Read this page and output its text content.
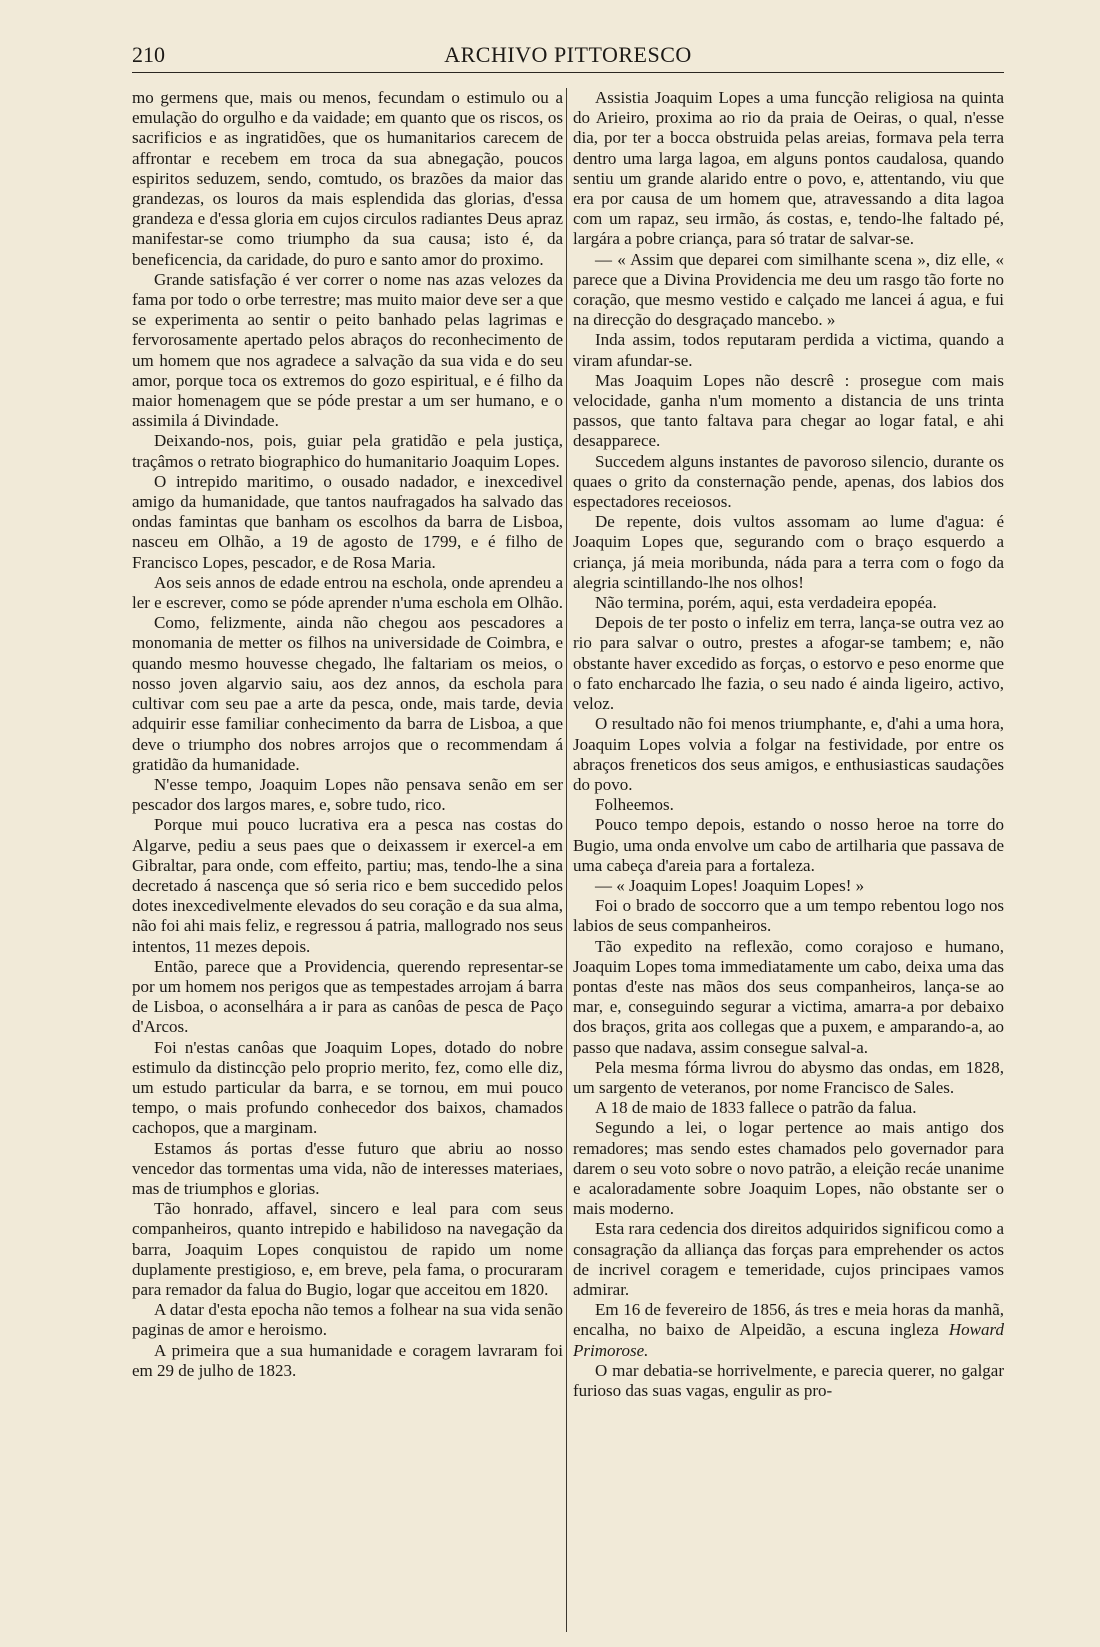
210	ARCHIVO PITTORESCO

mo germens que, mais ou menos, fecundam o estimulo ou a emulação do orgulho e da vaidade; em quanto que os riscos, os sacrificios e as ingratidões, que os humanitarios carecem de affrontar e recebem em troca da sua abnegação, poucos espiritos seduzem, sendo, comtudo, os brazões da maior das grandezas, os louros da mais esplendida das glorias, d'essa grandeza e d'essa gloria em cujos circulos radiantes Deus apraz manifestar-se como triumpho da sua causa; isto é, da beneficencia, da caridade, do puro e santo amor do proximo.

Grande satisfação é ver correr o nome nas azas velozes da fama por todo o orbe terrestre; mas muito maior deve ser a que se experimenta ao sentir o peito banhado pelas lagrimas e fervorosamente apertado pelos abraços do reconhecimento de um homem que nos agradece a salvação da sua vida e do seu amor, porque toca os extremos do gozo espiritual, e é filho da maior homenagem que se póde prestar a um ser humano, e o assimila á Divindade.

Deixando-nos, pois, guiar pela gratidão e pela justiça, traçâmos o retrato biographico do humanitario Joaquim Lopes.

O intrepido maritimo, o ousado nadador, e inexcedivel amigo da humanidade, que tantos naufragados ha salvado das ondas famintas que banham os escolhos da barra de Lisboa, nasceu em Olhão, a 19 de agosto de 1799, e é filho de Francisco Lopes, pescador, e de Rosa Maria.

Aos seis annos de edade entrou na eschola, onde aprendeu a ler e escrever, como se póde aprender n'uma eschola em Olhão.

Como, felizmente, ainda não chegou aos pescadores a monomania de metter os filhos na universidade de Coimbra, e quando mesmo houvesse chegado, lhe faltariam os meios, o nosso joven algarvio saiu, aos dez annos, da eschola para cultivar com seu pae a arte da pesca, onde, mais tarde, devia adquirir esse familiar conhecimento da barra de Lisboa, a que deve o triumpho dos nobres arrojos que o recommendam á gratidão da humanidade.

N'esse tempo, Joaquim Lopes não pensava senão em ser pescador dos largos mares, e, sobre tudo, rico.

Porque mui pouco lucrativa era a pesca nas costas do Algarve, pediu a seus paes que o deixassem ir exercel-a em Gibraltar, para onde, com effeito, partiu; mas, tendo-lhe a sina decretado á nascença que só seria rico e bem succedido pelos dotes inexcedivelmente elevados do seu coração e da sua alma, não foi ahi mais feliz, e regressou á patria, mallogrado nos seus intentos, 11 mezes depois.

Então, parece que a Providencia, querendo representar-se por um homem nos perigos que as tempestades arrojam á barra de Lisboa, o aconselhára a ir para as canôas de pesca de Paço d'Arcos.

Foi n'estas canôas que Joaquim Lopes, dotado do nobre estimulo da distincção pelo proprio merito, fez, como elle diz, um estudo particular da barra, e se tornou, em mui pouco tempo, o mais profundo conhecedor dos baixos, chamados cachopos, que a marginam.

Estamos ás portas d'esse futuro que abriu ao nosso vencedor das tormentas uma vida, não de interesses materiaes, mas de triumphos e glorias.

Tão honrado, affavel, sincero e leal para com seus companheiros, quanto intrepido e habilidoso na navegação da barra, Joaquim Lopes conquistou de rapido um nome duplamente prestigioso, e, em breve, pela fama, o procuraram para remador da falua do Bugio, logar que acceitou em 1820.

A datar d'esta epocha não temos a folhear na sua vida senão paginas de amor e heroismo.

A primeira que a sua humanidade e coragem lavraram foi em 29 de julho de 1823.

Assistia Joaquim Lopes a uma funcção religiosa na quinta do Arieiro, proxima ao rio da praia de Oeiras, o qual, n'esse dia, por ter a bocca obstruida pelas areias, formava pela terra dentro uma larga lagoa, em alguns pontos caudalosa, quando sentiu um grande alarido entre o povo, e, attentando, viu que era por causa de um homem que, atravessando a dita lagoa com um rapaz, seu irmão, ás costas, e, tendo-lhe faltado pé, largára a pobre criança, para só tratar de salvar-se.

— « Assim que deparei com similhante scena », diz elle, « parece que a Divina Providencia me deu um rasgo tão forte no coração, que mesmo vestido e calçado me lancei á agua, e fui na direcção do desgraçado mancebo. »

Inda assim, todos reputaram perdida a victima, quando a viram afundar-se.

Mas Joaquim Lopes não descrê : prosegue com mais velocidade, ganha n'um momento a distancia de uns trinta passos, que tanto faltava para chegar ao logar fatal, e ahi desapparece.

Succedem alguns instantes de pavoroso silencio, durante os quaes o grito da consternação pende, apenas, dos labios dos espectadores receiosos.

De repente, dois vultos assomam ao lume d'agua: é Joaquim Lopes que, segurando com o braço esquerdo a criança, já meia moribunda, náda para a terra com o fogo da alegria scintillando-lhe nos olhos!

Não termina, porém, aqui, esta verdadeira epopéa.

Depois de ter posto o infeliz em terra, lança-se outra vez ao rio para salvar o outro, prestes a afogar-se tambem; e, não obstante haver excedido as forças, o estorvo e peso enorme que o fato encharcado lhe fazia, o seu nado é ainda ligeiro, activo, veloz.

O resultado não foi menos triumphante, e, d'ahi a uma hora, Joaquim Lopes volvia a folgar na festividade, por entre os abraços freneticos dos seus amigos, e enthusiasticas saudações do povo.

Folheemos.

Pouco tempo depois, estando o nosso heroe na torre do Bugio, uma onda envolve um cabo de artilharia que passava de uma cabeça d'areia para a fortaleza.

— « Joaquim Lopes! Joaquim Lopes! »

Foi o brado de soccorro que a um tempo rebentou logo nos labios de seus companheiros.

Tão expedito na reflexão, como corajoso e humano, Joaquim Lopes toma immediatamente um cabo, deixa uma das pontas d'este nas mãos dos seus companheiros, lança-se ao mar, e, conseguindo segurar a victima, amarra-a por debaixo dos braços, grita aos collegas que a puxem, e amparando-a, ao passo que nadava, assim consegue salval-a.

Pela mesma fórma livrou do abysmo das ondas, em 1828, um sargento de veteranos, por nome Francisco de Sales.

A 18 de maio de 1833 fallece o patrão da falua.

Segundo a lei, o logar pertence ao mais antigo dos remadores; mas sendo estes chamados pelo governador para darem o seu voto sobre o novo patrão, a eleição recáe unanime e acaloradamente sobre Joaquim Lopes, não obstante ser o mais moderno.

Esta rara cedencia dos direitos adquiridos significou como a consagração da alliança das forças para emprehender os actos de incrivel coragem e temeridade, cujos principaes vamos admirar.

Em 16 de fevereiro de 1856, ás tres e meia horas da manhã, encalha, no baixo de Alpeidão, a escuna ingleza Howard Primorose.

O mar debatia-se horrivelmente, e parecia querer, no galgar furioso das suas vagas, engulir as pro-
